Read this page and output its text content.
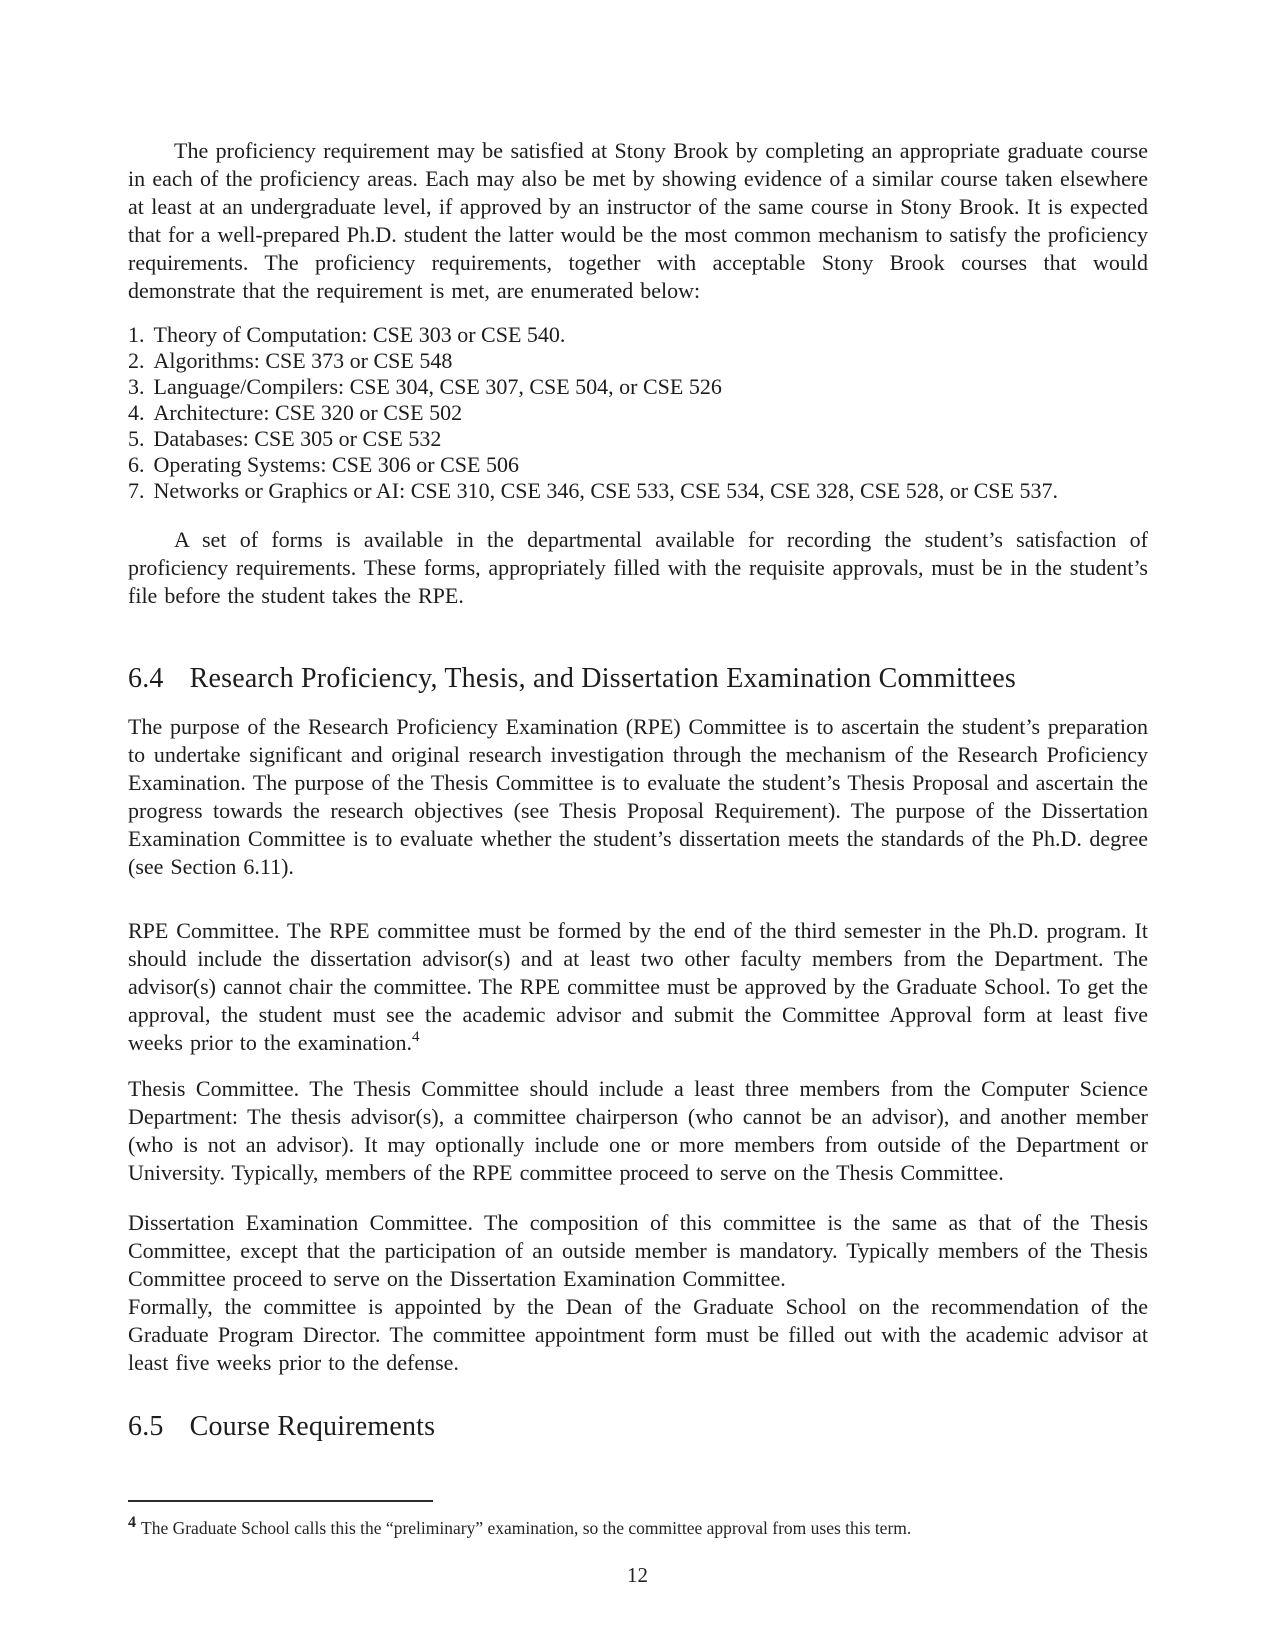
The proficiency requirement may be satisfied at Stony Brook by completing an appropriate graduate course in each of the proficiency areas. Each may also be met by showing evidence of a similar course taken elsewhere at least at an undergraduate level, if approved by an instructor of the same course in Stony Brook. It is expected that for a well-prepared Ph.D. student the latter would be the most common mechanism to satisfy the proficiency requirements. The proficiency requirements, together with acceptable Stony Brook courses that would demonstrate that the requirement is met, are enumerated below:

1. Theory of Computation: CSE 303 or CSE 540.
2. Algorithms: CSE 373 or CSE 548
3. Language/Compilers: CSE 304, CSE 307, CSE 504, or CSE 526
4. Architecture: CSE 320 or CSE 502
5. Databases: CSE 305 or CSE 532
6. Operating Systems: CSE 306 or CSE 506
7. Networks or Graphics or AI: CSE 310, CSE 346, CSE 533, CSE 534, CSE 328, CSE 528, or CSE 537.

A set of forms is available in the departmental available for recording the student’s satisfaction of proficiency requirements. These forms, appropriately filled with the requisite approvals, must be in the student’s file before the student takes the RPE.

6.4 Research Proficiency, Thesis, and Dissertation Examination Committees

The purpose of the Research Proficiency Examination (RPE) Committee is to ascertain the student’s preparation to undertake significant and original research investigation through the mechanism of the Research Proficiency Examination. The purpose of the Thesis Committee is to evaluate the student’s Thesis Proposal and ascertain the progress towards the research objectives (see Thesis Proposal Requirement). The purpose of the Dissertation Examination Committee is to evaluate whether the student’s dissertation meets the standards of the Ph.D. degree (see Section 6.11).

RPE Committee. The RPE committee must be formed by the end of the third semester in the Ph.D. program. It should include the dissertation advisor(s) and at least two other faculty members from the Department. The advisor(s) cannot chair the committee. The RPE committee must be approved by the Graduate School. To get the approval, the student must see the academic advisor and submit the Committee Approval form at least five weeks prior to the examination.$^4$

Thesis Committee. The Thesis Committee should include a least three members from the Computer Science Department: The thesis advisor(s), a committee chairperson (who cannot be an advisor), and another member (who is not an advisor). It may optionally include one or more members from outside of the Department or University. Typically, members of the RPE committee proceed to serve on the Thesis Committee.

Dissertation Examination Committee. The composition of this committee is the same as that of the Thesis Committee, except that the participation of an outside member is mandatory. Typically members of the Thesis Committee proceed to serve on the Dissertation Examination Committee.

Formally, the committee is appointed by the Dean of the Graduate School on the recommendation of the Graduate Program Director. The committee appointment form must be filled out with the academic advisor at least five weeks prior to the defense.

6.5 Course Requirements
4 The Graduate School calls this the “preliminary” examination, so the committee approval from uses this term.
12
